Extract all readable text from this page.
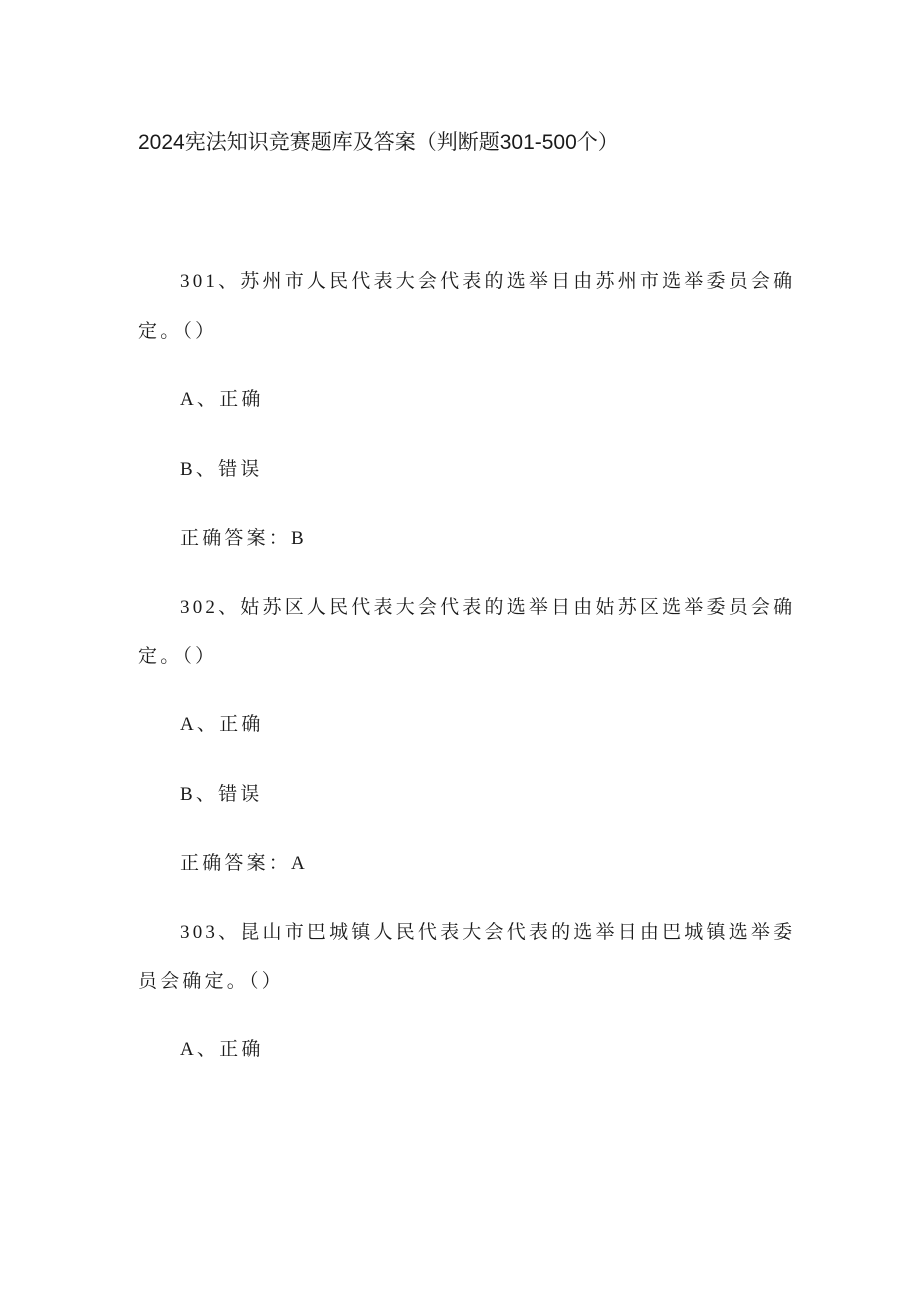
2024宪法知识竞赛题库及答案（判断题301-500个）
301、苏州市人民代表大会代表的选举日由苏州市选举委员会确
定。（）
A、正确
B、错误
正确答案：B
302、姑苏区人民代表大会代表的选举日由姑苏区选举委员会确
定。（）
A、正确
B、错误
正确答案：A
303、昆山市巴城镇人民代表大会代表的选举日由巴城镇选举委
员会确定。（）
A、正确
